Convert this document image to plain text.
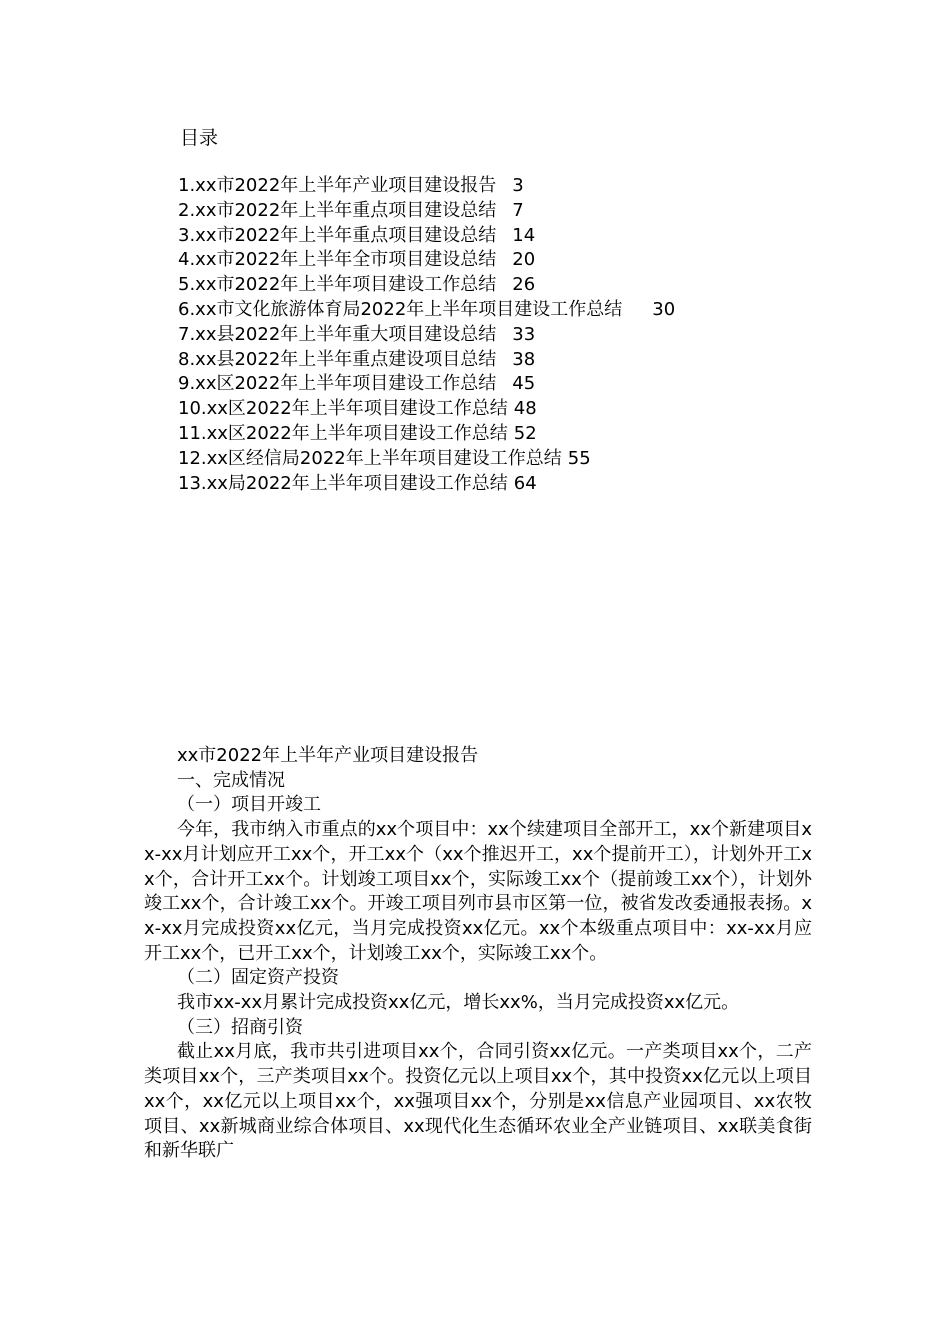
目录
1.xx市2022年上半年产业项目建设报告 3
2.xx市2022年上半年重点项目建设总结 7
3.xx市2022年上半年重点项目建设总结 14
4.xx市2022年上半年全市项目建设总结 20
5.xx市2022年上半年项目建设工作总结 26
6.xx市文化旅游体育局2022年上半年项目建设工作总结 30
7.xx县2022年上半年重大项目建设总结 33
8.xx县2022年上半年重点建设项目总结 38
9.xx区2022年上半年项目建设工作总结 45
10.xx区2022年上半年项目建设工作总结 48
11.xx区2022年上半年项目建设工作总结 52
12.xx区经信局2022年上半年项目建设工作总结 55
13.xx局2022年上半年项目建设工作总结 64
xx市2022年上半年产业项目建设报告
一、完成情况
（一）项目开竣工

今年，我市纳入市重点的xx个项目中：xx个续建项目全部开工，xx个新建项目xx-xx月计划应开工xx个，开工xx个（xx个推迟开工，xx个提前开工），计划外开工xx个，合计开工xx个。计划竣工项目xx个，实际竣工xx个（提前竣工xx个），计划外竣工xx个，合计竣工xx个。开竣工项目列市县市区第一位，被省发改委通报表扬。xx-xx月完成投资xx亿元，当月完成投资xx亿元。xx个本级重点项目中：xx-xx月应开工xx个，已开工xx个，计划竣工xx个，实际竣工xx个。

（二）固定资产投资

我市xx-xx月累计完成投资xx亿元，增长xx%，当月完成投资xx亿元。

（三）招商引资

截止xx月底，我市共引进项目xx个，合同引资xx亿元。一产类项目xx个，二产类项目xx个，三产类项目xx个。投资亿元以上项目xx个，其中投资xx亿元以上项目xx个，xx亿元以上项目xx个，xx强项目xx个，分别是xx信息产业园项目、xx农牧项目、xx新城商业综合体项目、xx现代化生态循环农业全产业链项目、xx联美食街和新华联广
